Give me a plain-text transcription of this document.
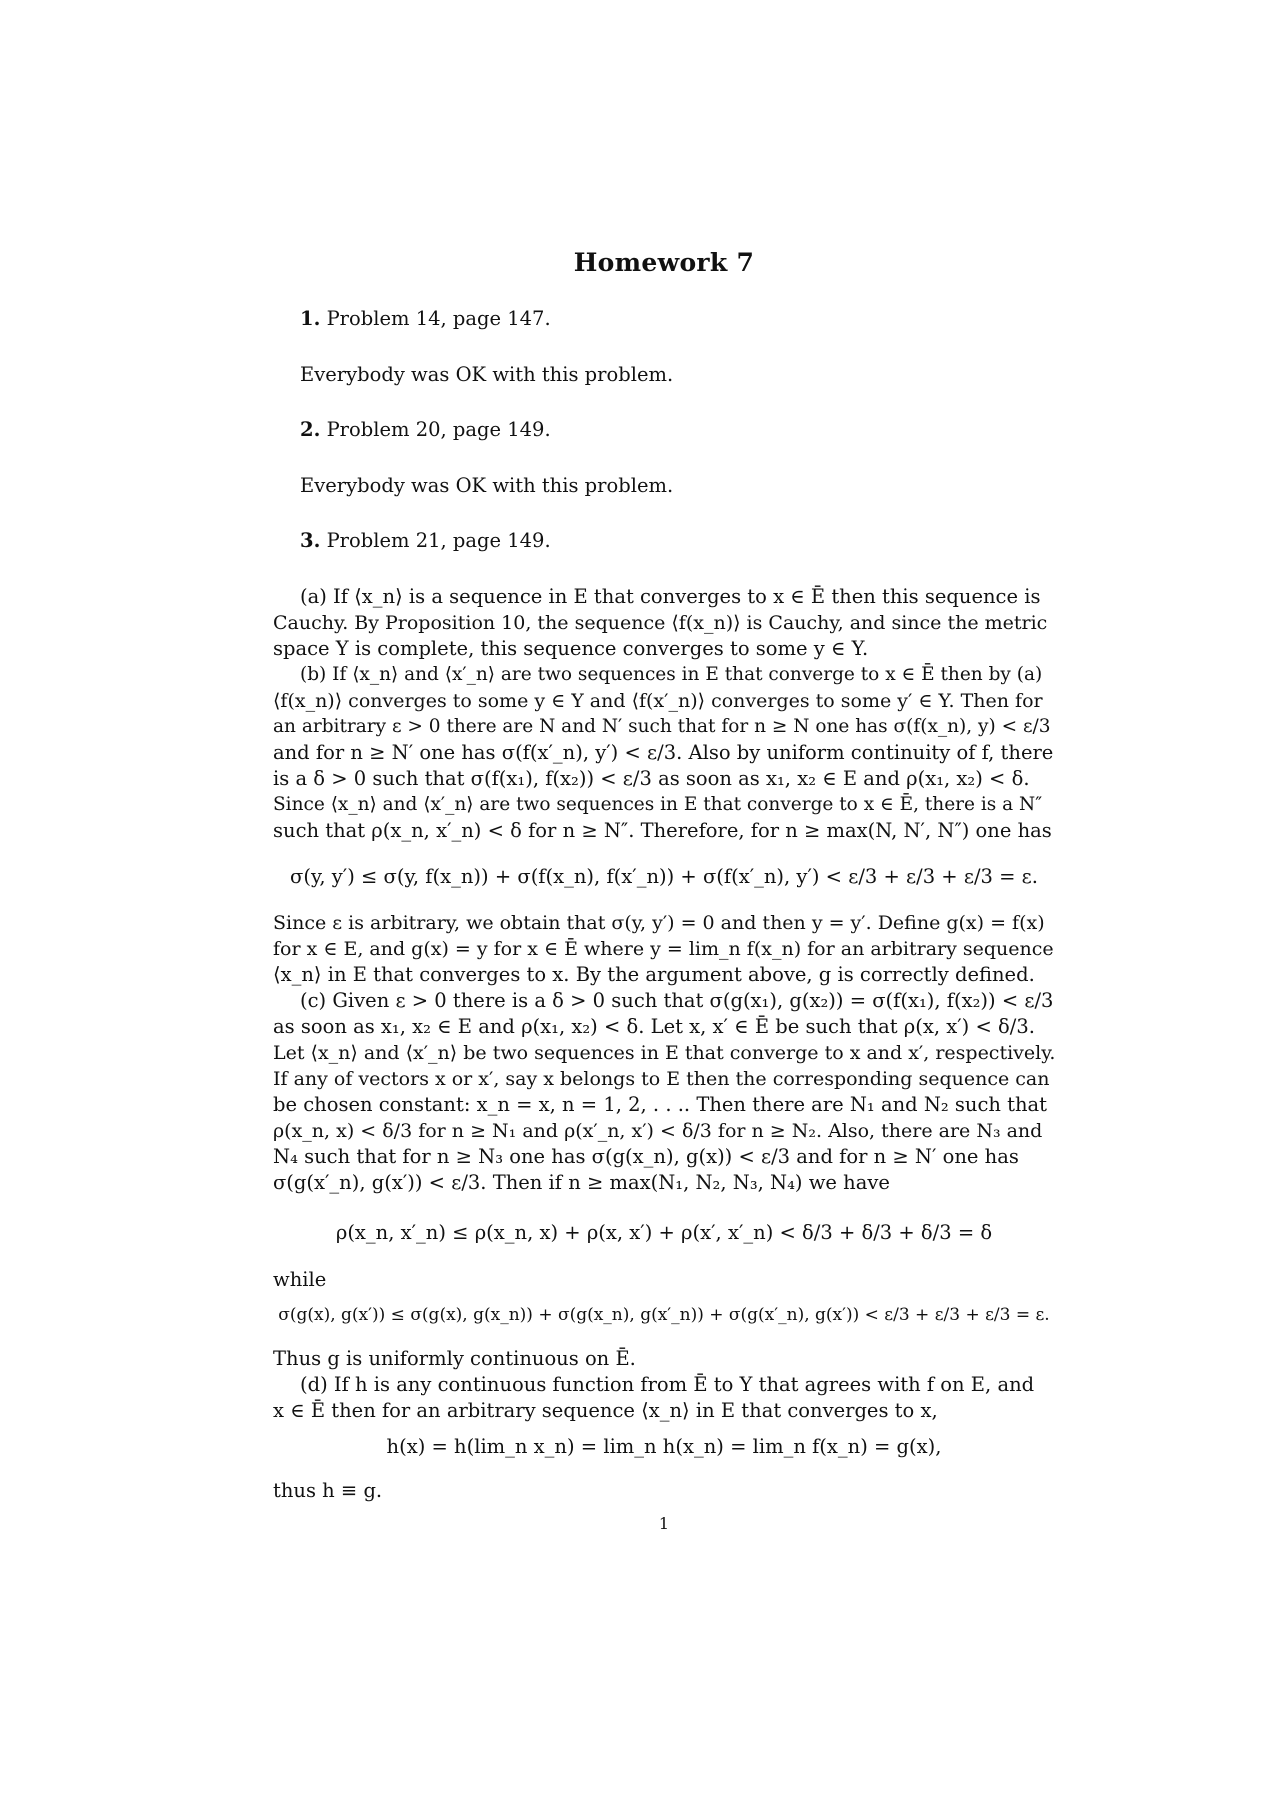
Homework 7
1. Problem 14, page 147.
Everybody was OK with this problem.
2. Problem 20, page 149.
Everybody was OK with this problem.
3. Problem 21, page 149.
(a) If ⟨x_n⟩ is a sequence in E that converges to x ∈ Ē then this sequence is
Cauchy. By Proposition 10, the sequence ⟨f(x_n)⟩ is Cauchy, and since the metric
space Y is complete, this sequence converges to some y ∈ Y.
(b) If ⟨x_n⟩ and ⟨x′_n⟩ are two sequences in E that converge to x ∈ Ē then by (a)
⟨f(x_n)⟩ converges to some y ∈ Y and ⟨f(x′_n)⟩ converges to some y′ ∈ Y. Then for
an arbitrary ε > 0 there are N and N′ such that for n ≥ N one has σ(f(x_n), y) < ε/3
and for n ≥ N′ one has σ(f(x′_n), y′) < ε/3. Also by uniform continuity of f, there
is a δ > 0 such that σ(f(x₁), f(x₂)) < ε/3 as soon as x₁, x₂ ∈ E and ρ(x₁, x₂) < δ.
Since ⟨x_n⟩ and ⟨x′_n⟩ are two sequences in E that converge to x ∈ Ē, there is a N″
such that ρ(x_n, x′_n) < δ for n ≥ N″. Therefore, for n ≥ max(N, N′, N″) one has
σ(y, y′) ≤ σ(y, f(x_n)) + σ(f(x_n), f(x′_n)) + σ(f(x′_n), y′) < ε/3 + ε/3 + ε/3 = ε.
Since ε is arbitrary, we obtain that σ(y, y′) = 0 and then y = y′. Define g(x) = f(x)
for x ∈ E, and g(x) = y for x ∈ Ē where y = lim_n f(x_n) for an arbitrary sequence
⟨x_n⟩ in E that converges to x. By the argument above, g is correctly defined.
(c) Given ε > 0 there is a δ > 0 such that σ(g(x₁), g(x₂)) = σ(f(x₁), f(x₂)) < ε/3
as soon as x₁, x₂ ∈ E and ρ(x₁, x₂) < δ. Let x, x′ ∈ Ē be such that ρ(x, x′) < δ/3.
Let ⟨x_n⟩ and ⟨x′_n⟩ be two sequences in E that converge to x and x′, respectively.
If any of vectors x or x′, say x belongs to E then the corresponding sequence can
be chosen constant: x_n = x, n = 1, 2, . . .. Then there are N₁ and N₂ such that
ρ(x_n, x) < δ/3 for n ≥ N₁ and ρ(x′_n, x′) < δ/3 for n ≥ N₂. Also, there are N₃ and
N₄ such that for n ≥ N₃ one has σ(g(x_n), g(x)) < ε/3 and for n ≥ N′ one has
σ(g(x′_n), g(x′)) < ε/3. Then if n ≥ max(N₁, N₂, N₃, N₄) we have
ρ(x_n, x′_n) ≤ ρ(x_n, x) + ρ(x, x′) + ρ(x′, x′_n) < δ/3 + δ/3 + δ/3 = δ
while
σ(g(x), g(x′)) ≤ σ(g(x), g(x_n)) + σ(g(x_n), g(x′_n)) + σ(g(x′_n), g(x′)) < ε/3 + ε/3 + ε/3 = ε.
Thus g is uniformly continuous on Ē.
(d) If h is any continuous function from Ē to Y that agrees with f on E, and
x ∈ Ē then for an arbitrary sequence ⟨x_n⟩ in E that converges to x,
h(x) = h(lim_n x_n) = lim_n h(x_n) = lim_n f(x_n) = g(x),
thus h ≡ g.
1
